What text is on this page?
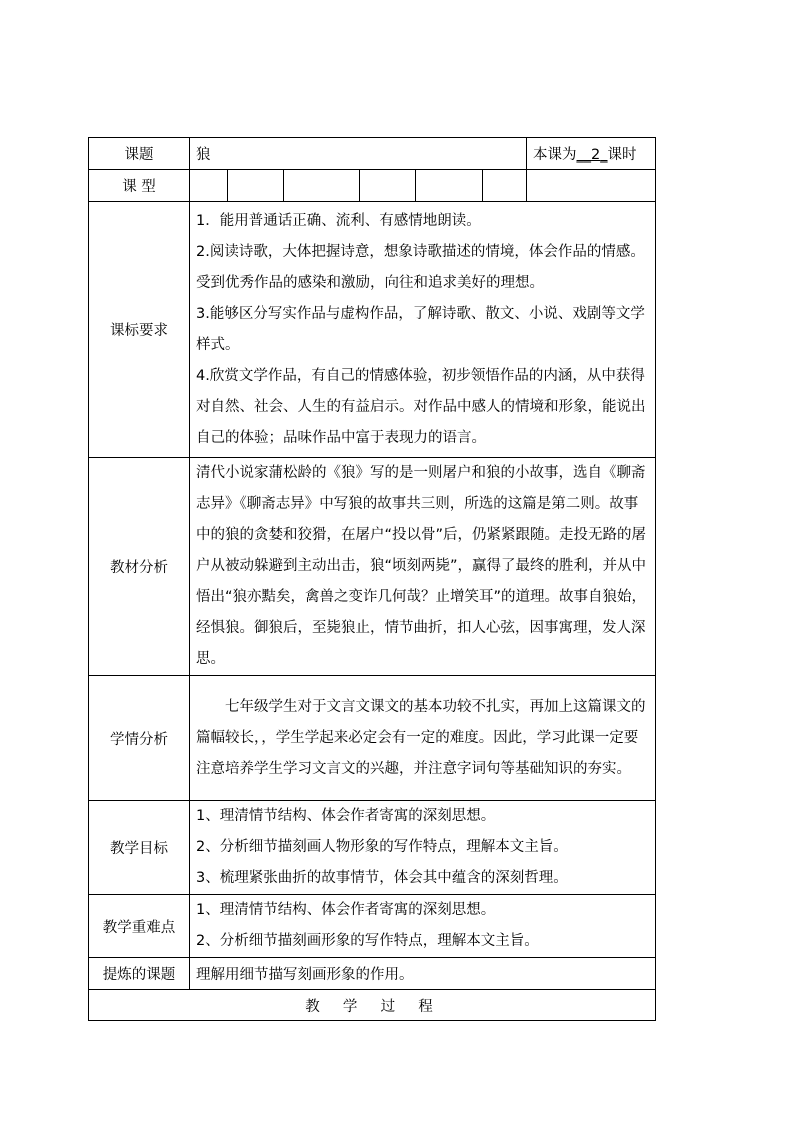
课题	狼						本课为__2_课时
课 型							
课标要求	1．能用普通话正确、流利、有感情地朗读。

2.阅读诗歌，大体把握诗意，想象诗歌描述的情境，体会作品的情感。受到优秀作品的感染和激励，向往和追求美好的理想。

3.能够区分写实作品与虚构作品，了解诗歌、散文、小说、戏剧等文学样式。

4.欣赏文学作品，有自己的情感体验，初步领悟作品的内涵，从中获得对自然、社会、人生的有益启示。对作品中感人的情境和形象，能说出自己的体验；品味作品中富于表现力的语言。						

教材分析	清代小说家蒲松龄的《狼》写的是一则屠户和狼的小故事，选自《聊斋志异》《聊斋志异》中写狼的故事共三则，所选的这篇是第二则。故事中的狼的贪婪和狡猾，在屠户“投以骨”后，仍紧紧跟随。走投无路的屠户从被动躲避到主动出击，狼“顷刻两毙”，赢得了最终的胜利，并从中悟出“狼亦黠矣，禽兽之变诈几何哉？止增笑耳”的道理。故事自狼始，经惧狼。御狼后，至毙狼止，情节曲折，扣人心弦，因事寓理，发人深思。						

学情分析	七年级学生对于文言文课文的基本功较不扎实，再加上这篇课文的篇幅较长，，学生学起来必定会有一定的难度。因此，学习此课一定要注意培养学生学习文言文的兴趣，并注意字词句等基础知识的夯实。						

教学目标	1、理清情节结构、体会作者寄寓的深刻思想。

2、分析细节描刻画人物形象的写作特点，理解本文主旨。

3、梳理紧张曲折的故事情节，体会其中蕴含的深刻哲理。						

教学重难点	1、理清情节结构、体会作者寄寓的深刻思想。

2、分析细节描刻画形象的写作特点，理解本文主旨。						

提炼的课题	理解用细节描写刻画形象的作用。						
教学过程							
